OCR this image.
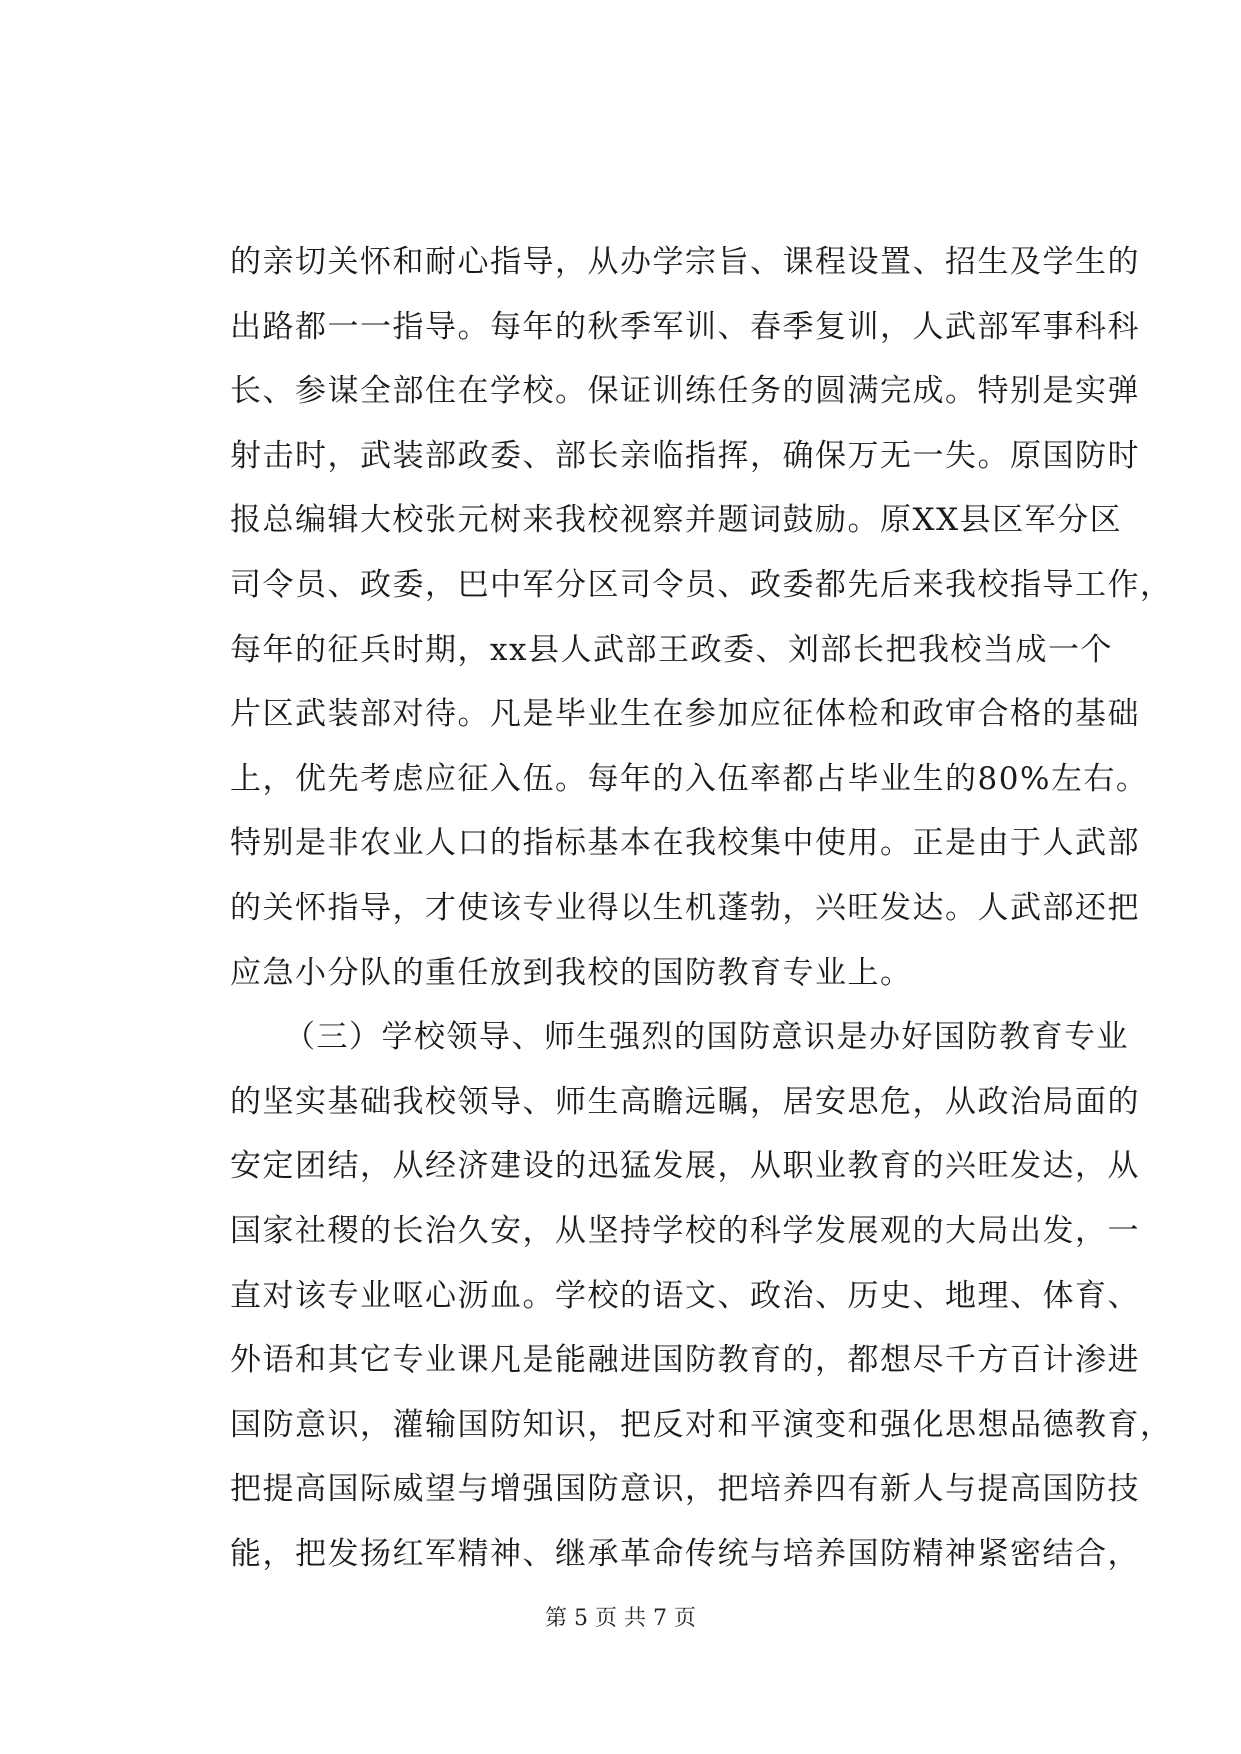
的亲切关怀和耐心指导，从办学宗旨、课程设置、招生及学生的
出路都一一指导。每年的秋季军训、春季复训，人武部军事科科
长、参谋全部住在学校。保证训练任务的圆满完成。特别是实弹
射击时，武装部政委、部长亲临指挥，确保万无一失。原国防时
报总编辑大校张元树来我校视察并题词鼓励。原XX县区军分区
司令员、政委，巴中军分区司令员、政委都先后来我校指导工作，
每年的征兵时期，xx县人武部王政委、刘部长把我校当成一个
片区武装部对待。凡是毕业生在参加应征体检和政审合格的基础
上，优先考虑应征入伍。每年的入伍率都占毕业生的80%左右。
特别是非农业人口的指标基本在我校集中使用。正是由于人武部
的关怀指导，才使该专业得以生机蓬勃，兴旺发达。人武部还把
应急小分队的重任放到我校的国防教育专业上。
（三）学校领导、师生强烈的国防意识是办好国防教育专业
的坚实基础我校领导、师生高瞻远瞩，居安思危，从政治局面的
安定团结，从经济建设的迅猛发展，从职业教育的兴旺发达，从
国家社稷的长治久安，从坚持学校的科学发展观的大局出发，一
直对该专业呕心沥血。学校的语文、政治、历史、地理、体育、
外语和其它专业课凡是能融进国防教育的，都想尽千方百计渗进
国防意识，灌输国防知识，把反对和平演变和强化思想品德教育，
把提高国际威望与增强国防意识，把培养四有新人与提高国防技
能，把发扬红军精神、继承革命传统与培养国防精神紧密结合，
第 5 页 共 7 页
